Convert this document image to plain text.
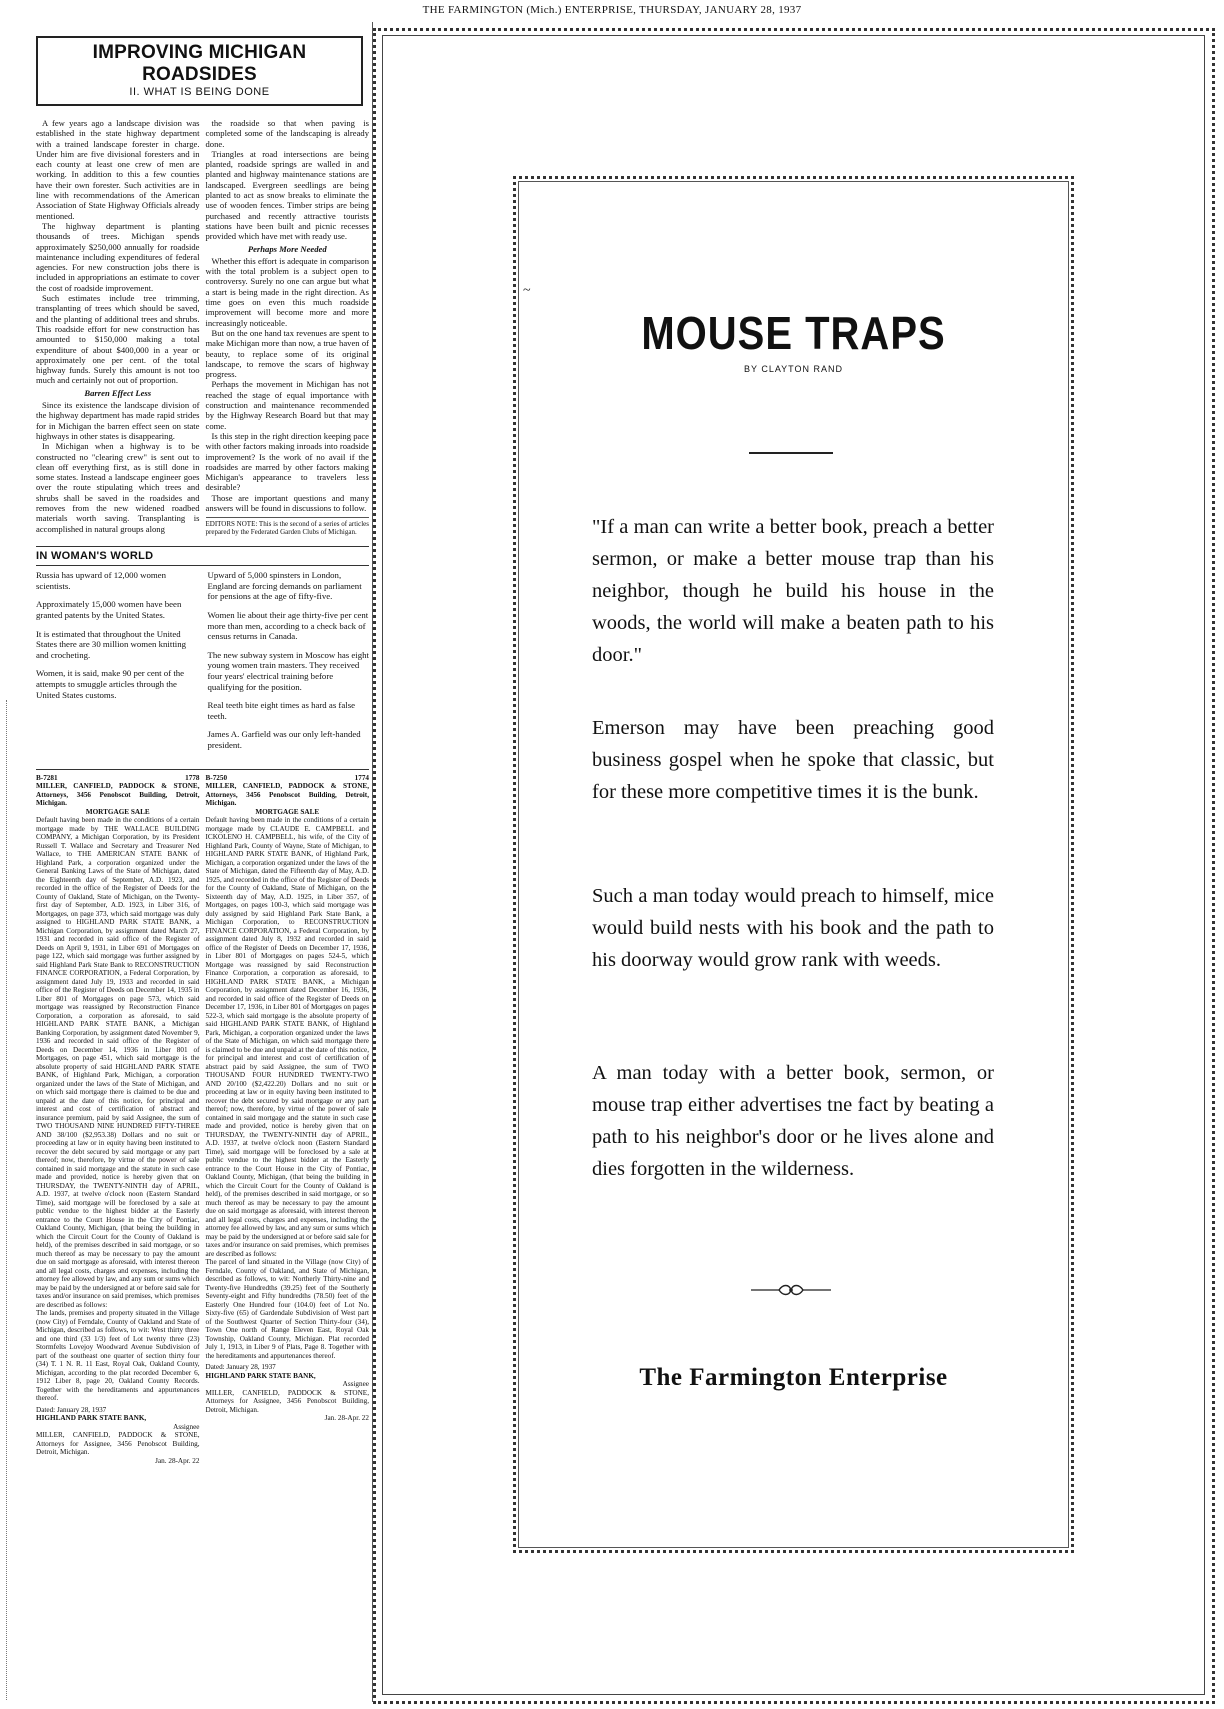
THE FARMINGTON (Mich.) ENTERPRISE, THURSDAY, JANUARY 28, 1937
IMPROVING MICHIGAN ROADSIDES
II. WHAT IS BEING DONE

A few years ago a landscape division was established in the state highway department with a trained landscape forester in charge. Under him are five divisional foresters and in each county at least one crew of men are working. In addition to this a few counties have their own forester. Such activities are in line with recommendations of the American Association of State Highway Officials already mentioned.

The highway department is planting thousands of trees. Michigan spends approximately $250,000 annually for roadside maintenance including expenditures of federal agencies. For new construction jobs there is included in appropriations an estimate to cover the cost of roadside improvement.

Such estimates include tree trimming, transplanting of trees which should be saved, and the planting of additional trees and shrubs. This roadside effort for new construction has amounted to $150,000 making a total expenditure of about $400,000 in a year or approximately one per cent. of the total highway funds. Surely this amount is not too much and certainly not out of proportion.

Barren Effect Less

Since its existence the landscape division of the highway department has made rapid strides for in Michigan the barren effect seen on state highways in other states is disappearing.

In Michigan when a highway is to be constructed no "clearing crew" is sent out to clean off everything first, as is still done in some states. Instead a landscape engineer goes over the route stipulating which trees and shrubs shall be saved in the roadsides and removes from the new widened roadbed materials worth saving. Transplanting is accomplished in natural groups along

the roadside so that when paving is completed some of the landscaping is already done.

Triangles at road intersections are being planted, roadside springs are walled in and planted and highway maintenance stations are landscaped. Evergreen seedlings are being planted to act as snow breaks to eliminate the use of wooden fences. Timber strips are being purchased and recently attractive tourists stations have been built and picnic recesses provided which have met with ready use.

Perhaps More Needed

Whether this effort is adequate in comparison with the total problem is a subject open to controversy. Surely no one can argue but what a start is being made in the right direction. As time goes on even this much roadside improvement will become more and more increasingly noticeable.

But on the one hand tax revenues are spent to make Michigan more than now, a true haven of beauty, to replace some of its original landscape, to remove the scars of highway progress.

Perhaps the movement in Michigan has not reached the stage of equal importance with construction and maintenance recommended by the Highway Research Board but that may come.

Is this step in the right direction keeping pace with other factors making inroads into roadside improvement? Is the work of no avail if the roadsides are marred by other factors making Michigan's appearance to travelers less desirable?

Those are important questions and many answers will be found in discussions to follow.

EDITORS NOTE: This is the second of a series of articles prepared by the Federated Garden Clubs of Michigan.
IN WOMAN'S WORLD

Russia has upward of 12,000 women scientists.

Approximately 15,000 women have been granted patents by the United States.

It is estimated that throughout the United States there are 30 million women knitting and crocheting.

Women, it is said, make 90 per cent of the attempts to smuggle articles through the United States customs.

Upward of 5,000 spinsters in London, England are forcing demands on parliament for pensions at the age of fifty-five.

Women lie about their age thirty-five per cent more than men, according to a check back of census returns in Canada.

The new subway system in Moscow has eight young women train masters. They received four years' electrical training before qualifying for the position.

Real teeth bite eight times as hard as false teeth.

James A. Garfield was our only left-handed president.

B-7281	1778

MILLER, CANFIELD, PADDOCK & STONE, Attorneys, 3456 Penobscot Building, Detroit, Michigan.

MORTGAGE SALE

Default having been made in the conditions of a certain mortgage made by THE WALLACE BUILDING COMPANY, a Michigan Corporation, by its President Russell T. Wallace and Secretary and Treasurer Ned Wallace, to THE AMERICAN STATE BANK of Highland Park, a corporation organized under the General Banking Laws of the State of Michigan, dated the Eighteenth day of September, A.D. 1923, and recorded in the office of the Register of Deeds for the County of Oakland, State of Michigan, on the Twenty-first day of September, A.D. 1923, in Liber 316, of Mortgages, on page 373, which said mortgage was duly assigned to HIGHLAND PARK STATE BANK, a Michigan Corporation, by assignment dated March 27, 1931 and recorded in said office of the Register of Deeds on April 9, 1931, in Liber 691 of Mortgages on page 122, which said mortgage was further assigned by said Highland Park State Bank to RECONSTRUCTION FINANCE CORPORATION, a Federal Corporation, by assignment dated July 19, 1933 and recorded in said office of the Register of Deeds on December 14, 1935 in Liber 801 of Mortgages on page 573, which said mortgage was reassigned by Reconstruction Finance Corporation, a corporation as aforesaid, to said HIGHLAND PARK STATE BANK, a Michigan Banking Corporation, by assignment dated November 9, 1936 and recorded in said office of the Register of Deeds on December 14, 1936 in Liber 801 of Mortgages, on page 451, which said mortgage is the absolute property of said HIGHLAND PARK STATE BANK, of Highland Park, Michigan, a corporation organized under the laws of the State of Michigan, and on which said mortgage there is claimed to be due and unpaid at the date of this notice, for principal and interest and cost of certification of abstract and insurance premium, paid by said Assignee, the sum of TWO THOUSAND NINE HUNDRED FIFTY-THREE AND 38/100 ($2,953.38) Dollars and no suit or proceeding at law or in equity having been instituted to recover the debt secured by said mortgage or any part thereof; now, therefore, by virtue of the power of sale contained in said mortgage and the statute in such case made and provided, notice is hereby given that on THURSDAY, the TWENTY-NINTH day of APRIL, A.D. 1937, at twelve o'clock noon (Eastern Standard Time), said mortgage will be foreclosed by a sale at public vendue to the highest bidder at the Easterly entrance to the Court House in the City of Pontiac, Oakland County, Michigan, (that being the building in which the Circuit Court for the County of Oakland is held), of the premises described in said mortgage, or so much thereof as may be necessary to pay the amount due on said mortgage as aforesaid, with interest thereon and all legal costs, charges and expenses, including the attorney fee allowed by law, and any sum or sums which may be paid by the undersigned at or before said sale for taxes and/or insurance on said premises, which premises are described as follows:

The lands, premises and property situated in the Village (now City) of Ferndale, County of Oakland and State of Michigan, described as follows, to wit: West thirty three and one third (33 1/3) feet of Lot twenty three (23) Stormfelts Lovejoy Woodward Avenue Subdivision of part of the southeast one quarter of section thirty four (34) T. 1 N. R. 11 East, Royal Oak, Oakland County, Michigan, according to the plat recorded December 6, 1912 Liber 8, page 20, Oakland County Records. Together with the hereditaments and appurtenances thereof.

Dated: January 28, 1937

HIGHLAND PARK STATE BANK,

Assignee

MILLER, CANFIELD, PADDOCK & STONE, Attorneys for Assignee, 3456 Penobscot Building, Detroit, Michigan.

Jan. 28-Apr. 22

B-7250	1774

MILLER, CANFIELD, PADDOCK & STONE, Attorneys, 3456 Penobscot Building, Detroit, Michigan.

MORTGAGE SALE

Default having been made in the conditions of a certain mortgage made by CLAUDE E. CAMPBELL and ICKOLENO H. CAMPBELL, his wife, of the City of Highland Park, County of Wayne, State of Michigan, to HIGHLAND PARK STATE BANK, of Highland Park, Michigan, a corporation organized under the laws of the State of Michigan, dated the Fifteenth day of May, A.D. 1925, and recorded in the office of the Register of Deeds for the County of Oakland, State of Michigan, on the Sixteenth day of May, A.D. 1925, in Liber 357, of Mortgages, on pages 100-3, which said mortgage was duly assigned by said Highland Park State Bank, a Michigan Corporation, to RECONSTRUCTION FINANCE CORPORATION, a Federal Corporation, by assignment dated July 8, 1932 and recorded in said office of the Register of Deeds on December 17, 1936, in Liber 801 of Mortgages on pages 524-5, which Mortgage was reassigned by said Reconstruction Finance Corporation, a corporation as aforesaid, to HIGHLAND PARK STATE BANK, a Michigan Corporation, by assignment dated December 16, 1936, and recorded in said office of the Register of Deeds on December 17, 1936, in Liber 801 of Mortgages on pages 522-3, which said mortgage is the absolute property of said HIGHLAND PARK STATE BANK, of Highland Park, Michigan, a corporation organized under the laws of the State of Michigan, on which said mortgage there is claimed to be due and unpaid at the date of this notice, for principal and interest and cost of certification of abstract paid by said Assignee, the sum of TWO THOUSAND FOUR HUNDRED TWENTY-TWO AND 20/100 ($2,422.20) Dollars and no suit or proceeding at law or in equity having been instituted to recover the debt secured by said mortgage or any part thereof; now, therefore, by virtue of the power of sale contained in said mortgage and the statute in such case made and provided, notice is hereby given that on THURSDAY, the TWENTY-NINTH day of APRIL, A.D. 1937, at twelve o'clock noon (Eastern Standard Time), said mortgage will be foreclosed by a sale at public vendue to the highest bidder at the Easterly entrance to the Court House in the City of Pontiac, Oakland County, Michigan, (that being the building in which the Circuit Court for the County of Oakland is held), of the premises described in said mortgage, or so much thereof as may be necessary to pay the amount due on said mortgage as aforesaid, with interest thereon and all legal costs, charges and expenses, including the attorney fee allowed by law, and any sum or sums which may be paid by the undersigned at or before said sale for taxes and/or insurance on said premises, which premises are described as follows:

The parcel of land situated in the Village (now City) of Ferndale, County of Oakland, and State of Michigan, described as follows, to wit: Northerly Thirty-nine and Twenty-five Hundredths (39.25) feet of the Southerly Seventy-eight and Fifty hundredths (78.50) feet of the Easterly One Hundred four (104.0) feet of Lot No. Sixty-five (65) of Gardendale Subdivision of West part of the Southwest Quarter of Section Thirty-four (34), Town One north of Range Eleven East, Royal Oak Township, Oakland County, Michigan. Plat recorded July 1, 1913, in Liber 9 of Plats, Page 8. Together with the hereditaments and appurtenances thereof.

Dated: January 28, 1937

HIGHLAND PARK STATE BANK,

Assignee

MILLER, CANFIELD, PADDOCK & STONE, Attorneys for Assignee, 3456 Penobscot Building, Detroit, Michigan.

Jan. 28-Apr. 22

~
MOUSE TRAPS
BY CLAYTON RAND
"If a man can write a better book, preach a better sermon, or make a better mouse trap than his neighbor, though he build his house in the woods, the world will make a beaten path to his door."
Emerson may have been preaching good business gospel when he spoke that classic, but for these more competitive times it is the bunk.
Such a man today would preach to himself, mice would build nests with his book and the path to his doorway would grow rank with weeds.
A man today with a better book, sermon, or mouse trap either advertises tne fact by beating a path to his neighbor's door or he lives alone and dies forgotten in the wilderness.
The Farmington Enterprise
